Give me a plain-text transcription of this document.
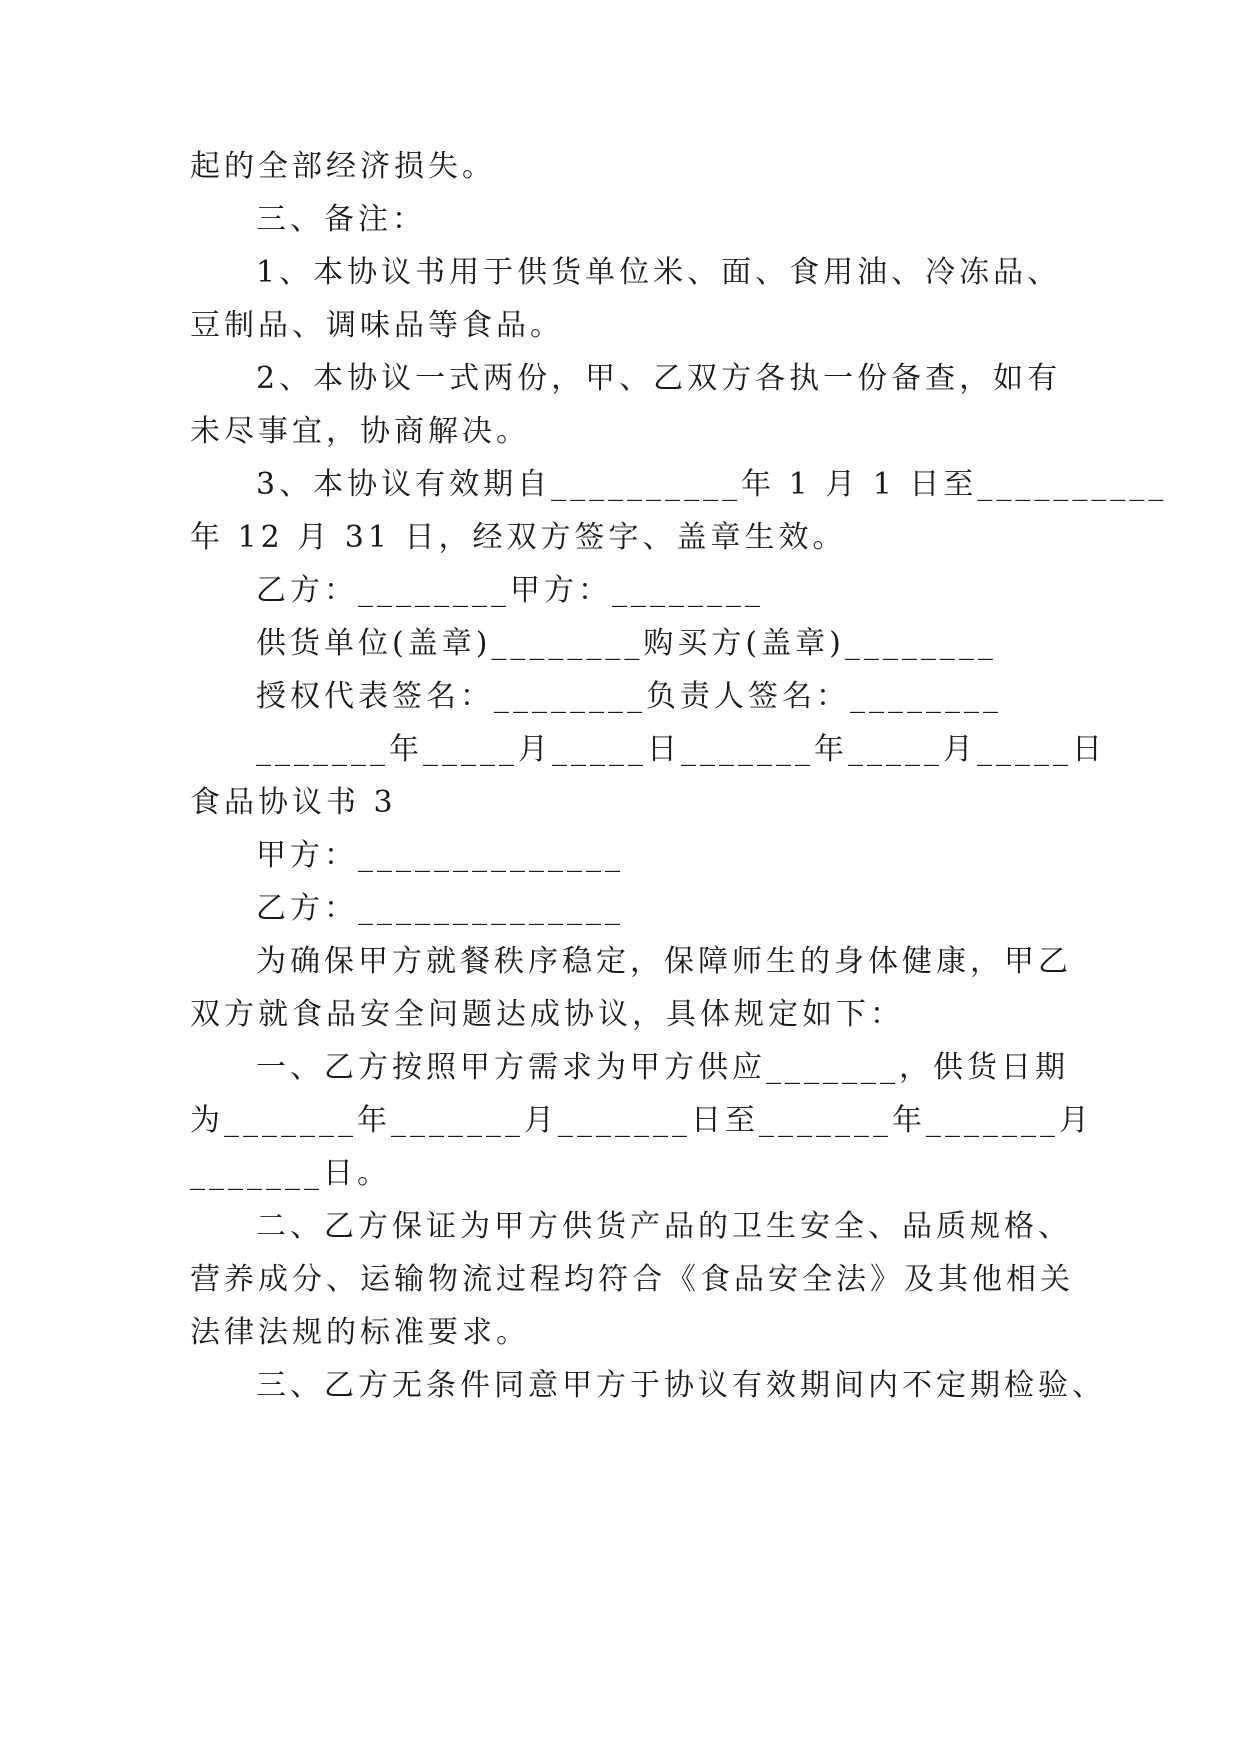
起的全部经济损失。
三、备注：
1、本协议书用于供货单位米、面、食用油、冷冻品、
豆制品、调味品等食品。
2、本协议一式两份，甲、乙双方各执一份备查，如有
未尽事宜，协商解决。
3、本协议有效期自__________年 1 月 1 日至__________
年 12 月 31 日，经双方签字、盖章生效。
乙方：________甲方：________
供货单位(盖章)________购买方(盖章)________
授权代表签名：________负责人签名：________
_______年_____月_____日_______年_____月_____日
食品协议书 3
甲方：______________
乙方：______________
为确保甲方就餐秩序稳定，保障师生的身体健康，甲乙
双方就食品安全问题达成协议，具体规定如下：
一、乙方按照甲方需求为甲方供应_______，供货日期
为_______年_______月_______日至_______年_______月
_______日。
二、乙方保证为甲方供货产品的卫生安全、品质规格、
营养成分、运输物流过程均符合《食品安全法》及其他相关
法律法规的标准要求。
三、乙方无条件同意甲方于协议有效期间内不定期检验、
